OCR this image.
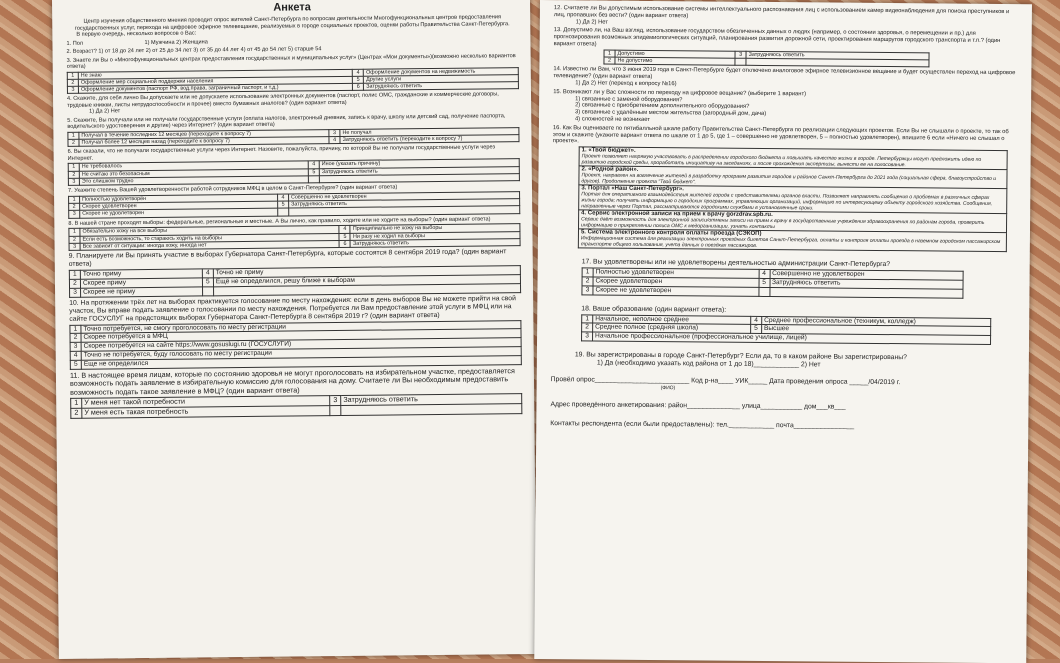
Анкета
Центр изучения общественного мнения проводит опрос жителей Санкт-Петербурга по вопросам деятельности Многофункциональных центров предоставления государственных услуг, перехода на цифровое эфирное телевещание, реализуемых в городе социальных проектов, оценки работы Правительства Санкт-Петербурга.
В первую очередь, несколько вопросов о Вас:
1. Пол	1) Мужчина 2) Женщина
2. Возраст? 1) от 18 до 24 лет 2) от 25 до 34 лет 3) от 35 до 44 лет 4) от 45 до 54 лет 5) старше 54
3. Знаете ли Вы о «Многофункциональных центрах предоставления государственных и муниципальных услуг» (Центрах «Мои документы»)(возможно несколько вариантов ответа)
1	Не знаю	4	Оформление документов на недвижимость
2	Оформление мер социальной поддержки населения	5	Другие услуги
3	Оформление документов (паспорт РФ, вод.права, заграничный паспорт, и т.д.)	6	Затрудняюсь ответить
4. Скажите, для себя лично Вы допускаете или не допускаете использование электронных документов (паспорт, полис ОМС, гражданские и коммерческие договоры, трудовые книжки, листы нетрудоспособности и прочее) вместо бумажных аналогов? (один вариант ответа)
1) Да 2) Нет
5. Скажите, Вы получали или не получали государственные услуги (оплата налогов, электронный дневник, запись к врачу, школу или детский сад, получение паспорта, водительского удостоверения и другие) через Интернет? (один вариант ответа)
1	Получал в течение последних 12 месяцев (переходите к вопросу 7)	3	Не получал
2	Получал более 12 месяцев назад (переходите к вопросу 7)	4	Затрудняюсь ответить (переходите к вопросу 7)
6. Вы сказали, что не получали государственные услуги через Интернет. Назовите, пожалуйста, причину, по которой Вы не получали государственные услуги через Интернет.
1	Не требовалось	4	Иное (указать причину)
2	Не считаю это безопасным	5	Затрудняюсь ответить
3	Это слишком трудно		
7. Укажите степень Вашей удовлетворенности работой сотрудников МФЦ в целом в Санкт-Петербурге? (один вариант ответа)
1	Полностью удовлетворён	4	Совершенно не удовлетворен
2	Скорее удовлетворен	5	Затрудняюсь ответить
3	Скорее не удовлетворен		
8. В нашей стране проходят выборы: федеральные, региональные и местные. А Вы лично, как правило, ходите или не ходите на выборы? (один вариант ответа)
1	Обязательно хожу на все выборы	4	Принципиально не хожу на выборы
2	Если есть возможность, то стараюсь ходить на выборы	5	Ни разу не ходил на выборы
3	Все зависит от ситуации: иногда хожу, иногда нет	6	Затрудняюсь ответить
9. Планируете ли Вы принять участие в выборах Губернатора Санкт-Петербурга, которые состоятся 8 сентября 2019 года? (один вариант ответа)
1	Точно приму	4	Точно не приму
2	Скорее приму	5	Ещё не определился, решу ближе к выборам
3	Скорее не приму		
10. На протяжении трёх лет на выборах практикуется голосование по месту нахождения: если в день выборов Вы не можете прийти на свой участок, Вы вправе подать заявление о голосовании по месту нахождения. Потребуется ли Вам предоставление этой услуги в МФЦ или на сайте ГОСУСЛУГ на предстоящих выборах Губернатора Санкт-Петербурга 8 сентября 2019 г? (один вариант ответа)
1	Точно потребуется, не смогу проголосовать по месту регистрации
2	Скорее потребуется в МФЦ
3	Скорее потребуется на сайте https://www.gosuslugi.ru (ГОСУСЛУГИ)
4	Точно не потребуется, буду голосовать по месту регистрации
5	Еще не определился
11. В настоящее время лицам, которые по состоянию здоровья не могут проголосовать на избирательном участке, предоставляется возможность подать заявление в избирательную комиссию для голосования на дому. Считаете ли Вы необходимым предоставить возможность подать такое заявление в МФЦ? (один вариант ответа)
1	У меня нет такой потребности	3	Затрудняюсь ответить
2	У меня есть такая потребность		
12. Считаете ли Вы допустимым использование системы интеллектуального распознавания лиц с использованием камер видеонаблюдения для поиска преступников и лиц, пропавших без вести? (один вариант ответа)
1) Да 2) Нет
13. Допустимо ли, на Ваш взгляд, использование государством обезличенных данных о людях (например, о состоянии здоровья, о перемещении и пр.) для прогнозирования возможных эпидемиологических ситуаций, планирования развития дорожной сети, проектирования маршрутов городского транспорта и т.п.? (один вариант ответа)
1	Допустимо	3	Затрудняюсь ответить
2	Не допустимо		
14. Известно ли Вам, что 3 июня 2019 года в Санкт-Петербурге будет отключено аналоговое эфирное телевизионное вещание и будет осуществлен переход на цифровое телевидение? (один вариант ответа)
1) Да 2) Нет (переход к вопросу №16)
15. Возникают ли у Вас сложности по переходу на цифровое вещание? (выберите 1 вариант)
1) связанные с заменой оборудования?
2) связанные с приобретением дополнительного оборудования?
3) связанные с удалённым местом жительства (загородный дом, дача)
4) сложностей не возникает
16. Как Вы оцениваете по пятибалльной шкале работу Правительства Санкт-Петербурга по реализации следующих проектов. Если Вы не слышали о проекте, то так об этом и скажите (укажите вариант ответа по шкале от 1 до 5, где 1 – совершенно не удовлетворен, 5 – полностью удовлетворен), впишите 6 если «Ничего не слышал о проекте».
1. «Твой бюджет».
Проект позволяет напрямую участвовать в распределении городского бюджета и повышать качество жизни в городе. Петербуржцы могут предложить идею по развитию городской среды, проработать инициативу на заседаниях, и после прохождения экспертизы, вынести ее на голосование.
2. «Родной район».
Проект, направлен на вовлечение жителей в разработку программ развития городов и районов Санкт-Петербурга до 2021 года (социальная сфера, благоустройство и другое). Продолжение проекта "Твой бюджет".
3. Портал «Наш Санкт-Петербург».
Портал для оперативного взаимодействия жителей города с представителями органов власти. Позволяет направлять сообщения о проблемах в различных сферах жизни города; получать информацию о городских программах, управляющих организаций, информацию по интересующему объекту городского хозяйства. Сообщения, направленные через Портал, рассматриваются городскими службами в установленные сроки.
4. Сервис электронной записи на прием к врачу gorzdrav.spb.ru.
Сервис даёт возможность для электронной записи/отмены записи на прием к врачу в государственные учреждения здравоохранения по районам города, проверить информацию о прикреплении полиса ОМС к медорганизации, узнать контакты
5. Система электронного контроля оплаты проезда (СЭКОП)
Информационная система для реализации электронных проездных билетов Санкт-Петербурга, оплаты и контроля оплаты проезда в наземном городском пассажирском транспорте общего пользования, учета данных о поездках пассажиров.
17. Вы удовлетворены или не удовлетворены деятельностью администрации Санкт-Петербурга?
1	Полностью удовлетворен	4	Совершенно не удовлетворен
2	Скорее удовлетворен	5	Затрудняюсь ответить
3	Скорее не удовлетворен		
18. Ваше образование (один вариант ответа):
1	Начальное, неполное среднее	4	Среднее профессиональное (техникум, колледж)
2	Среднее полное (средняя школа)	5	Высшее
3	Начальное профессиональное (профессиональное училище, лицей)		
19. Вы зарегистрированы в городе Санкт-Петербург? Если да, то в каком районе Вы зарегистрированы?
1) Да (необходимо указать код района от 1 до 18)____________ 2) Нет
Провёл опрос_________________________ Код р-на____ УИК_____ Дата проведения опроса _____/04/2019 г.
(ФИО)
Адрес проведённого анкетирования: район______________ улица___________ дом___кв___
Контакты респондента (если были предоставлены): тел.____________ почта________________
